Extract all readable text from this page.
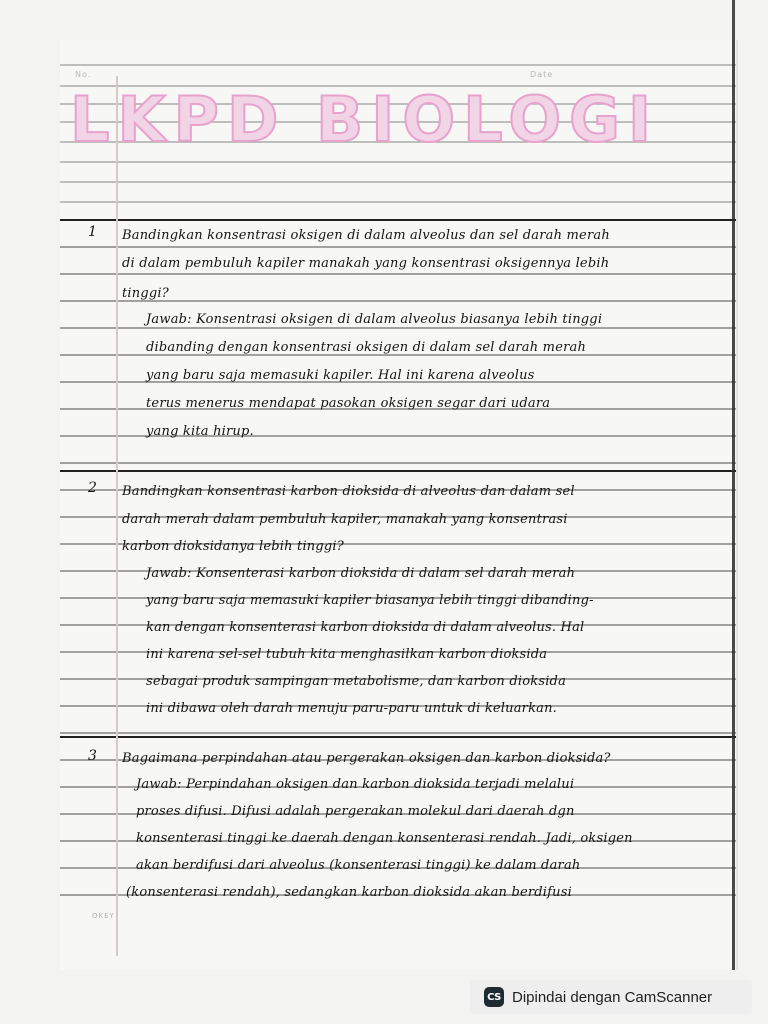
No.	Date
LKPD BIOLOGI

1 Bandingkan konsentrasi oksigen di dalam alveolus dan sel darah merah

di dalam pembuluh kapiler manakah yang konsentrasi oksigennya lebih

tinggi?

Jawab: Konsentrasi oksigen di dalam alveolus biasanya lebih tinggi

dibanding dengan konsentrasi oksigen di dalam sel darah merah

yang baru saja memasuki kapiler. Hal ini karena alveolus

terus menerus mendapat pasokan oksigen segar dari udara

yang kita hirup.

2 Bandingkan konsentrasi karbon dioksida di alveolus dan dalam sel

darah merah dalam pembuluh kapiler, manakah yang konsentrasi

karbon dioksidanya lebih tinggi?

Jawab: Konsenterasi karbon dioksida di dalam sel darah merah

yang baru saja memasuki kapiler biasanya lebih tinggi dibanding-

kan dengan konsenterasi karbon dioksida di dalam alveolus. Hal

ini karena sel-sel tubuh kita menghasilkan karbon dioksida

sebagai produk sampingan metabolisme, dan karbon dioksida

ini dibawa oleh darah menuju paru-paru untuk di keluarkan.

3 Bagaimana perpindahan atau pergerakan oksigen dan karbon dioksida?

Jawab: Perpindahan oksigen dan karbon dioksida terjadi melalui

proses difusi. Difusi adalah pergerakan molekul dari daerah dgn

konsenterasi tinggi ke daerah dengan konsenterasi rendah. Jadi, oksigen

akan berdifusi dari alveolus (konsenterasi tinggi) ke dalam darah

(konsenterasi rendah), sedangkan karbon dioksida akan berdifusi

OKEY
CS Dipindai dengan CamScanner
